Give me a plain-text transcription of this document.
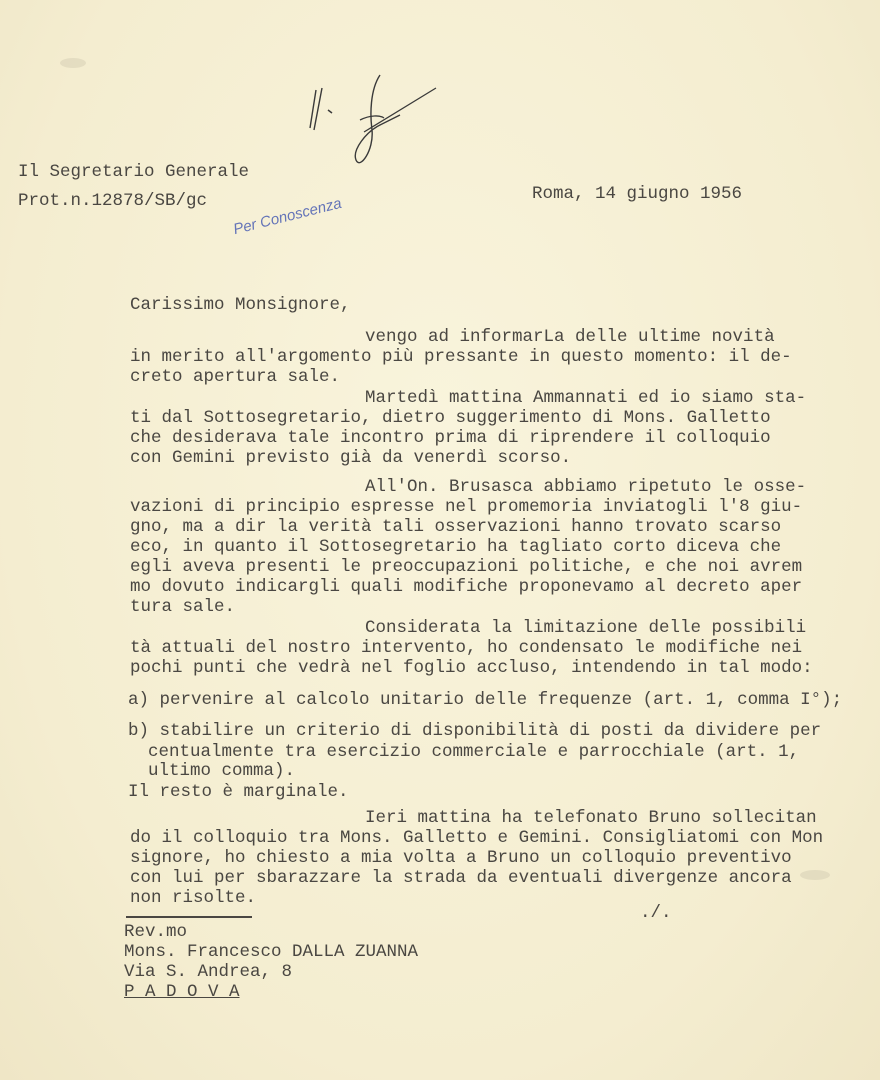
Il Segretario Generale
Prot.n.12878/SB/gc	Roma, 14 giugno 1956
Per Conoscenza
Carissimo Monsignore,
vengo ad informarLa delle ultime novità
in merito all'argomento più pressante in questo momento: il de-
creto apertura sale.
Martedì mattina Ammannati ed io siamo sta-
ti dal Sottosegretario, dietro suggerimento di Mons. Galletto
che desiderava tale incontro prima di riprendere il colloquio
con Gemini previsto già da venerdì scorso.
All'On. Brusasca abbiamo ripetuto le osse-
vazioni di principio espresse nel promemoria inviatogli l'8 giu-
gno, ma a dir la verità tali osservazioni hanno trovato scarso
eco, in quanto il Sottosegretario ha tagliato corto diceva che
egli aveva presenti le preoccupazioni politiche, e che noi avrem
mo dovuto indicargli quali modifiche proponevamo al decreto aper
tura sale.
Considerata la limitazione delle possibili
tà attuali del nostro intervento, ho condensato le modifiche nei
pochi punti che vedrà nel foglio accluso, intendendo in tal modo:
a) pervenire al calcolo unitario delle frequenze (art. 1, comma I°);
b) stabilire un criterio di disponibilità di posti da dividere per
centualmente tra esercizio commerciale e parrocchiale (art. 1,
ultimo comma).
Il resto è marginale.
Ieri mattina ha telefonato Bruno sollecitan
do il colloquio tra Mons. Galletto e Gemini. Consigliatomi con Mon
signore, ho chiesto a mia volta a Bruno un colloquio preventivo
con lui per sbarazzare la strada da eventuali divergenze ancora
non risolte.
./.
Rev.mo
Mons. Francesco DALLA ZUANNA
Via S. Andrea, 8
P A D O V A
